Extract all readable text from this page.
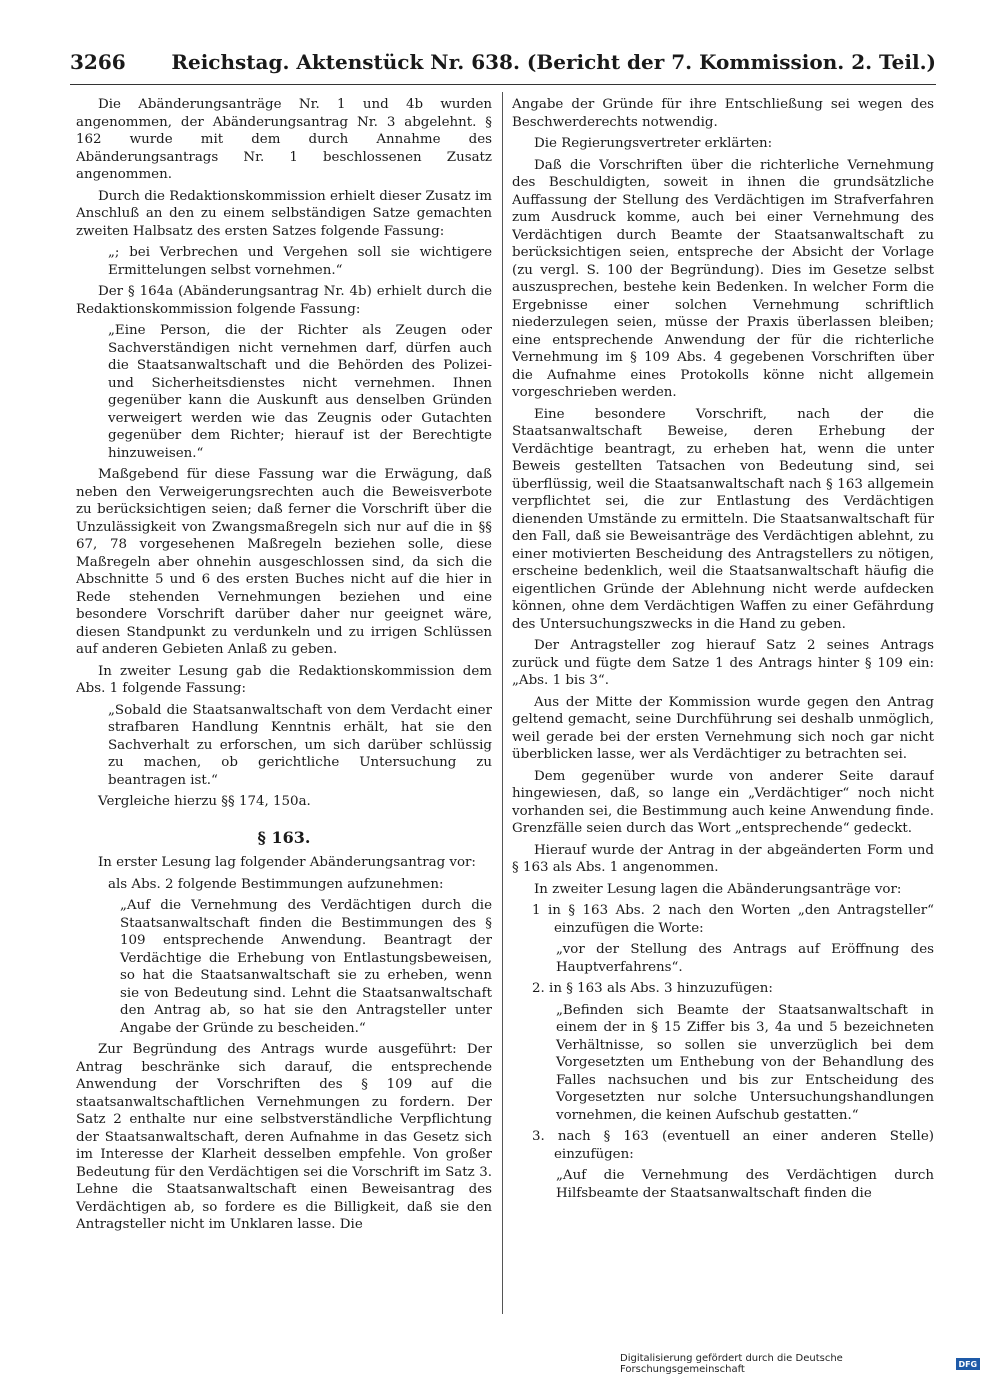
3266	Reichstag. Aktenstück Nr. 638. (Bericht der 7. Kommission. 2. Teil.)

Die Abänderungsanträge Nr. 1 und 4b wurden angenommen, der Abänderungsantrag Nr. 3 abgelehnt. § 162 wurde mit dem durch Annahme des Abänderungsantrags Nr. 1 beschlossenen Zusatz angenommen.

Durch die Redaktionskommission erhielt dieser Zusatz im Anschluß an den zu einem selbständigen Satze gemachten zweiten Halbsatz des ersten Satzes folgende Fassung:

„; bei Verbrechen und Vergehen soll sie wichtigere Ermittelungen selbst vornehmen.“

Der § 164a (Abänderungsantrag Nr. 4b) erhielt durch die Redaktionskommission folgende Fassung:

„Eine Person, die der Richter als Zeugen oder Sachverständigen nicht vernehmen darf, dürfen auch die Staatsanwaltschaft und die Behörden des Polizei- und Sicherheitsdienstes nicht vernehmen. Ihnen gegenüber kann die Auskunft aus denselben Gründen verweigert werden wie das Zeugnis oder Gutachten gegenüber dem Richter; hierauf ist der Berechtigte hinzuweisen.“

Maßgebend für diese Fassung war die Erwägung, daß neben den Verweigerungsrechten auch die Beweisverbote zu berücksichtigen seien; daß ferner die Vorschrift über die Unzulässigkeit von Zwangsmaßregeln sich nur auf die in §§ 67, 78 vorgesehenen Maßregeln beziehen solle, diese Maßregeln aber ohnehin ausgeschlossen sind, da sich die Abschnitte 5 und 6 des ersten Buches nicht auf die hier in Rede stehenden Vernehmungen beziehen und eine besondere Vorschrift darüber daher nur geeignet wäre, diesen Standpunkt zu verdunkeln und zu irrigen Schlüssen auf anderen Gebieten Anlaß zu geben.

In zweiter Lesung gab die Redaktionskommission dem Abs. 1 folgende Fassung:

„Sobald die Staatsanwaltschaft von dem Verdacht einer strafbaren Handlung Kenntnis erhält, hat sie den Sachverhalt zu erforschen, um sich darüber schlüssig zu machen, ob gerichtliche Untersuchung zu beantragen ist.“

Vergleiche hierzu §§ 174, 150a.

§ 163.

In erster Lesung lag folgender Abänderungsantrag vor:

als Abs. 2 folgende Bestimmungen aufzunehmen:

„Auf die Vernehmung des Verdächtigen durch die Staatsanwaltschaft finden die Bestimmungen des § 109 entsprechende Anwendung. Beantragt der Verdächtige die Erhebung von Entlastungsbeweisen, so hat die Staatsanwaltschaft sie zu erheben, wenn sie von Bedeutung sind. Lehnt die Staatsanwaltschaft den Antrag ab, so hat sie den Antragsteller unter Angabe der Gründe zu bescheiden.“

Zur Begründung des Antrags wurde ausgeführt: Der Antrag beschränke sich darauf, die entsprechende Anwendung der Vorschriften des § 109 auf die staatsanwaltschaftlichen Vernehmungen zu fordern. Der Satz 2 enthalte nur eine selbstverständliche Verpflichtung der Staatsanwaltschaft, deren Aufnahme in das Gesetz sich im Interesse der Klarheit desselben empfehle. Von großer Bedeutung für den Verdächtigen sei die Vorschrift im Satz 3. Lehne die Staatsanwaltschaft einen Beweisantrag des Verdächtigen ab, so fordere es die Billigkeit, daß sie den Antragsteller nicht im Unklaren lasse. Die

Angabe der Gründe für ihre Entschließung sei wegen des Beschwerderechts notwendig.

Die Regierungsvertreter erklärten:

Daß die Vorschriften über die richterliche Vernehmung des Beschuldigten, soweit in ihnen die grundsätzliche Auffassung der Stellung des Verdächtigen im Strafverfahren zum Ausdruck komme, auch bei einer Vernehmung des Verdächtigen durch Beamte der Staatsanwaltschaft zu berücksichtigen seien, entspreche der Absicht der Vorlage (zu vergl. S. 100 der Begründung). Dies im Gesetze selbst auszusprechen, bestehe kein Bedenken. In welcher Form die Ergebnisse einer solchen Vernehmung schriftlich niederzulegen seien, müsse der Praxis überlassen bleiben; eine entsprechende Anwendung der für die richterliche Vernehmung im § 109 Abs. 4 gegebenen Vorschriften über die Aufnahme eines Protokolls könne nicht allgemein vorgeschrieben werden.

Eine besondere Vorschrift, nach der die Staatsanwaltschaft Beweise, deren Erhebung der Verdächtige beantragt, zu erheben hat, wenn die unter Beweis gestellten Tatsachen von Bedeutung sind, sei überflüssig, weil die Staatsanwaltschaft nach § 163 allgemein verpflichtet sei, die zur Entlastung des Verdächtigen dienenden Umstände zu ermitteln. Die Staatsanwaltschaft für den Fall, daß sie Beweisanträge des Verdächtigen ablehnt, zu einer motivierten Bescheidung des Antragstellers zu nötigen, erscheine bedenklich, weil die Staatsanwaltschaft häufig die eigentlichen Gründe der Ablehnung nicht werde aufdecken können, ohne dem Verdächtigen Waffen zu einer Gefährdung des Untersuchungszwecks in die Hand zu geben.

Der Antragsteller zog hierauf Satz 2 seines Antrags zurück und fügte dem Satze 1 des Antrags hinter § 109 ein: „Abs. 1 bis 3“.

Aus der Mitte der Kommission wurde gegen den Antrag geltend gemacht, seine Durchführung sei deshalb unmöglich, weil gerade bei der ersten Vernehmung sich noch gar nicht überblicken lasse, wer als Verdächtiger zu betrachten sei.

Dem gegenüber wurde von anderer Seite darauf hingewiesen, daß, so lange ein „Verdächtiger“ noch nicht vorhanden sei, die Bestimmung auch keine Anwendung finde. Grenzfälle seien durch das Wort „entsprechende“ gedeckt.

Hierauf wurde der Antrag in der abgeänderten Form und § 163 als Abs. 1 angenommen.

In zweiter Lesung lagen die Abänderungsanträge vor:

1 in § 163 Abs. 2 nach den Worten „den Antragsteller“ einzufügen die Worte:

„vor der Stellung des Antrags auf Eröffnung des Hauptverfahrens“.

2. in § 163 als Abs. 3 hinzuzufügen:

„Befinden sich Beamte der Staatsanwaltschaft in einem der in § 15 Ziffer bis 3, 4a und 5 bezeichneten Verhältnisse, so sollen sie unverzüglich bei dem Vorgesetzten um Enthebung von der Behandlung des Falles nachsuchen und bis zur Entscheidung des Vorgesetzten nur solche Untersuchungshandlungen vornehmen, die keinen Aufschub gestatten.“

3. nach § 163 (eventuell an einer anderen Stelle) einzufügen:

„Auf die Vernehmung des Verdächtigen durch Hilfsbeamte der Staatsanwaltschaft finden die

Digitalisierung gefördert durch die Deutsche Forschungsgemeinschaft	DFG
